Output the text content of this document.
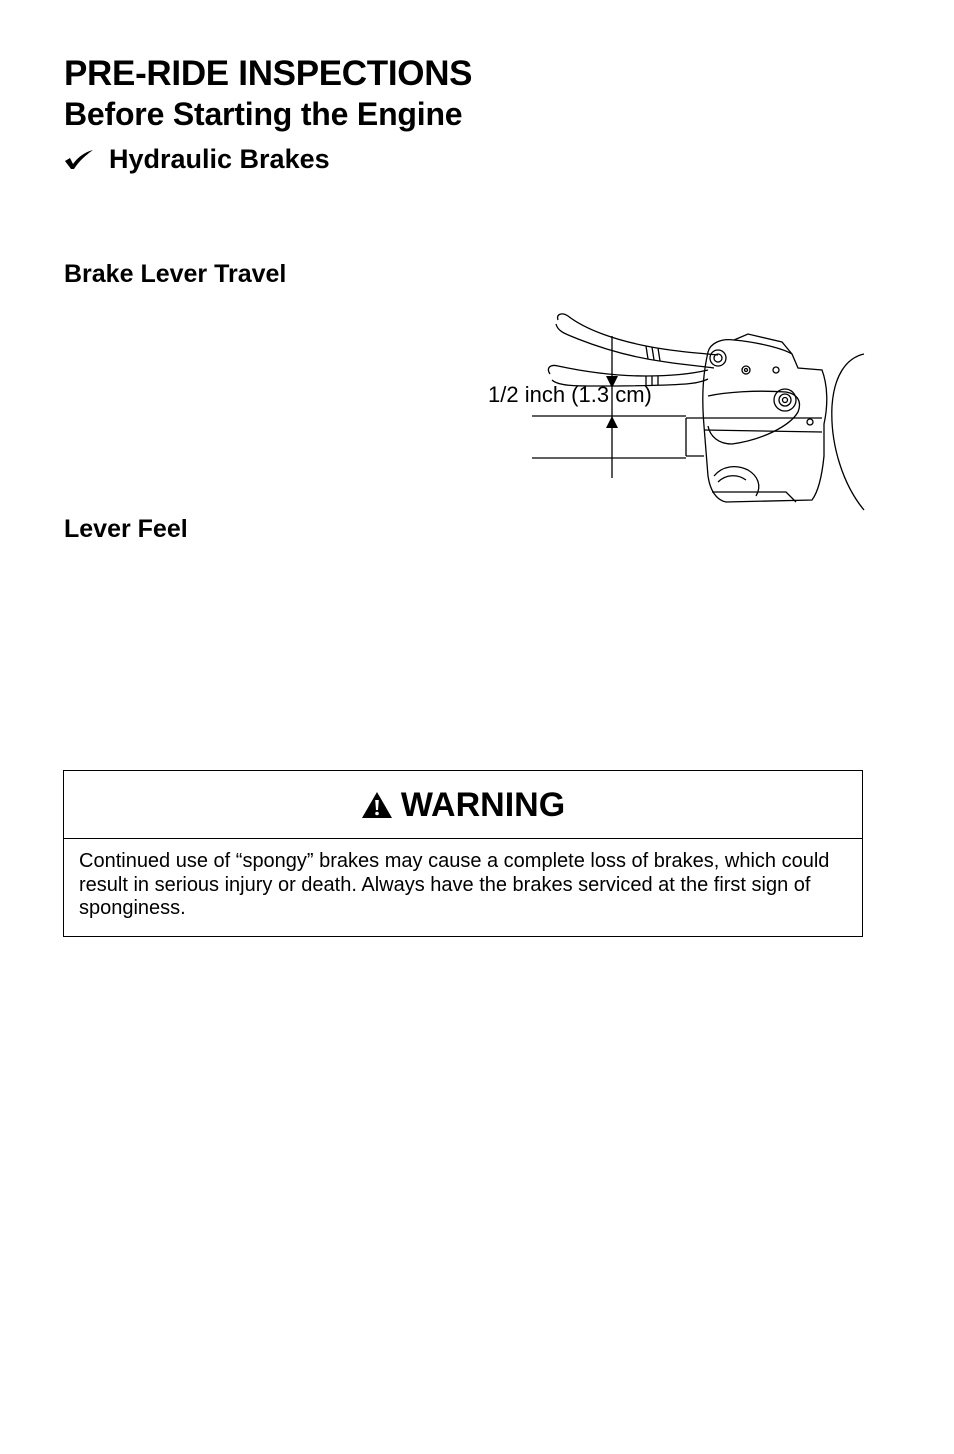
PRE-RIDE INSPECTIONS
Before Starting the Engine
Hydraulic Brakes
Brake Lever Travel
Lever Feel
1/2 inch (1.3 cm)
WARNING
Continued use of “spongy” brakes may cause a complete loss of brakes, which could result in serious injury or death. Always have the brakes serviced at the first sign of sponginess.
